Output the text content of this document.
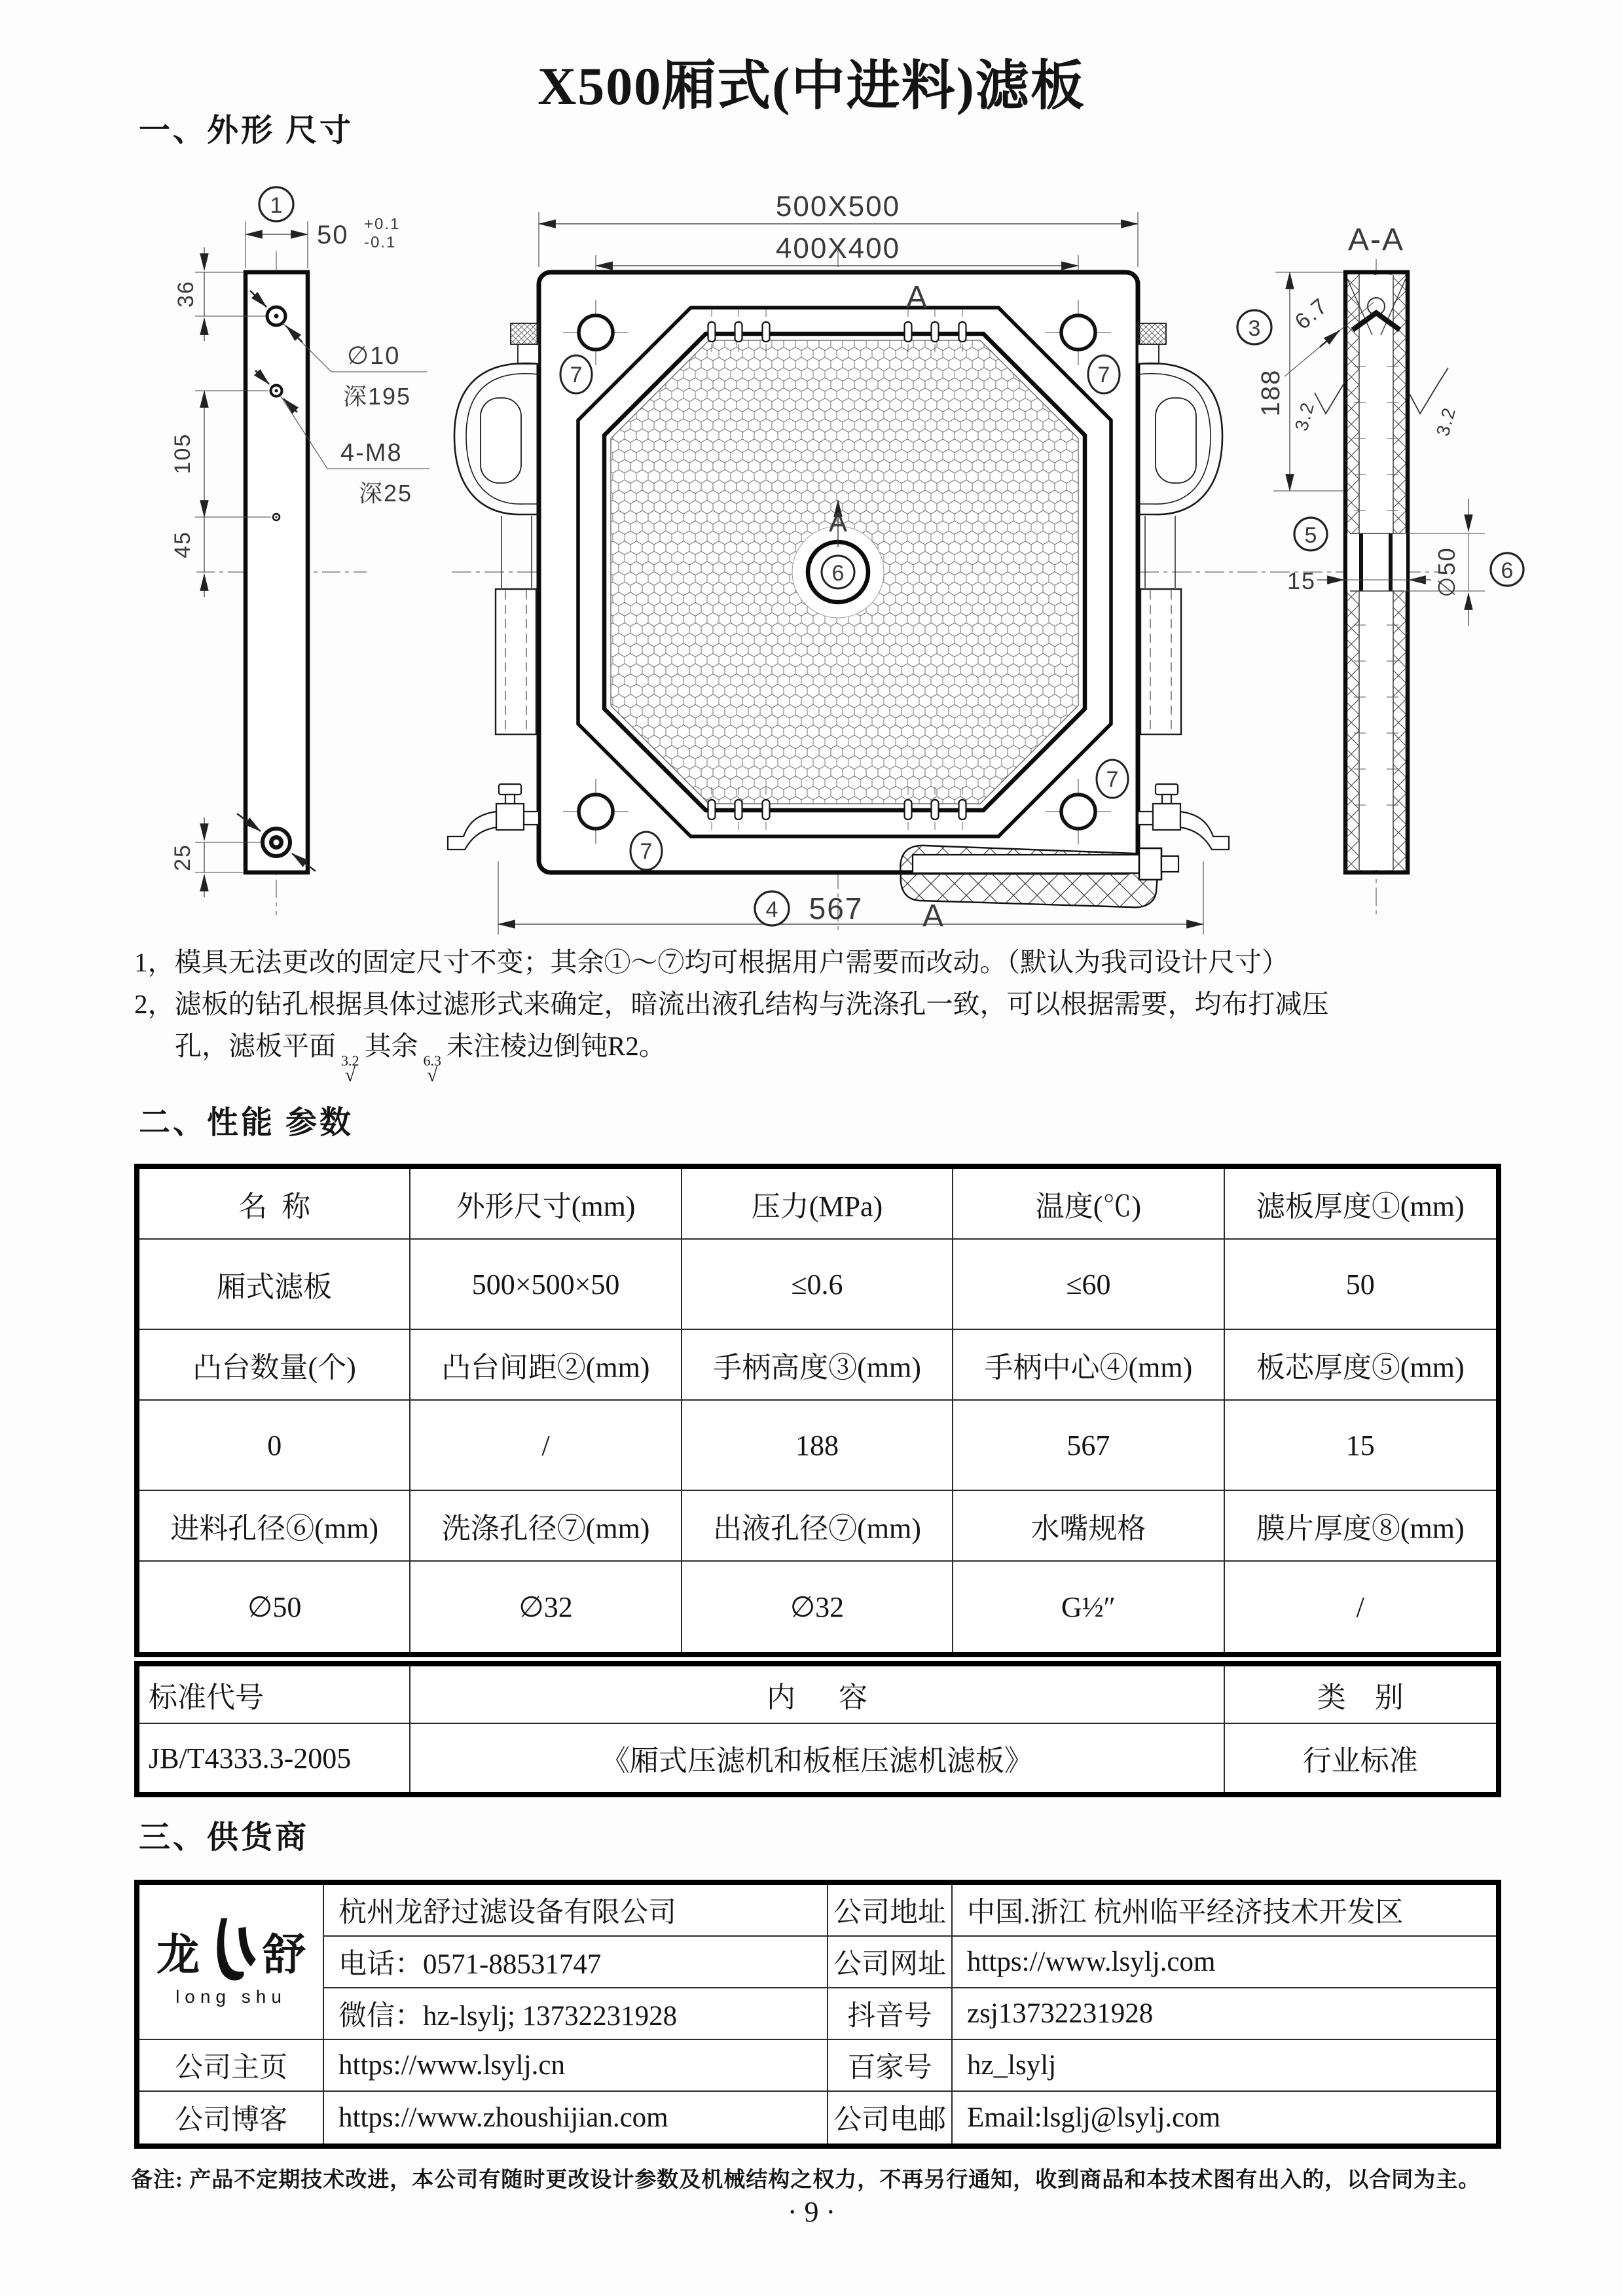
X500厢式(中进料)滤板
一、外形 尺寸
36
105
45
25
50 +0.1
-0.1
1
∅10
深195
4-M8
深25
500X500
400X400
7	7
7
7
6
A
A
A
4 567
A-A
188
3 6.7
3.2	3.2
5
15	∅50 6
1，模具无法更改的固定尺寸不变；其余①～⑦均可根据用户需要而改动。（默认为我司设计尺寸）
2，滤板的钻孔根据具体过滤形式来确定，暗流出液孔结构与洗涤孔一致，可以根据需要，均布打减压
孔，滤板平面 3.2
√
其余 6.3
√
未注棱边倒钝R2。
二、性能 参数
名  称	外形尺寸(mm)	压力(MPa)	温度(℃)	滤板厚度①(mm)
厢式滤板	500×500×50	≤0.6	≤60	50
凸台数量(个)	凸台间距②(mm)	手柄高度③(mm)	手柄中心④(mm)	板芯厚度⑤(mm)
0	/	188	567	15
进料孔径⑥(mm)	洗涤孔径⑦(mm)	出液孔径⑦(mm)	水嘴规格	膜片厚度⑧(mm)
∅50	∅32	∅32	G½″	/
标准代号	内      容	类    别
JB/T4333.3-2005	《厢式压滤机和板框压滤机滤板》	行业标准
三、供货商
龙 舒
long shu
杭州龙舒过滤设备有限公司	公司地址 中国.浙江 杭州临平经济技术开发区
电话：0571-88531747	公司网址 https://www.lsylj.com
微信：hz-lsylj; 13732231928	抖音号	zsj13732231928
公司主页	https://www.lsylj.cn	百家号	hz_lsylj
公司博客	https://www.zhoushijian.com	公司电邮 Email:lsglj@lsylj.com
备注: 产品不定期技术改进，本公司有随时更改设计参数及机械结构之权力，不再另行通知，收到商品和本技术图有出入的，以合同为主。
· 9 ·
